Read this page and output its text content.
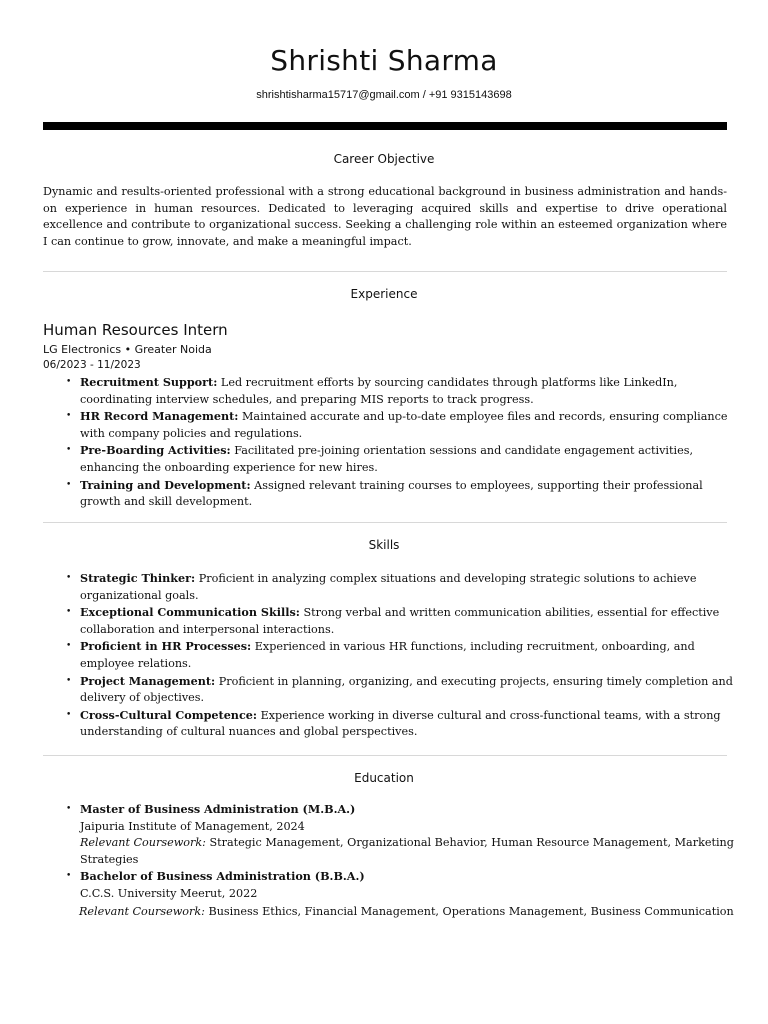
Shrishti Sharma
shrishtisharma15717@gmail.com / +91 9315143698
Career Objective
Dynamic and results-oriented professional with a strong educational background in business administration and hands-on experience in human resources. Dedicated to leveraging acquired skills and expertise to drive operational excellence and contribute to organizational success. Seeking a challenging role within an esteemed organization where I can continue to grow, innovate, and make a meaningful impact.
Experience
Human Resources Intern
LG Electronics • Greater Noida
06/2023 - 11/2023
• Recruitment Support: Led recruitment efforts by sourcing candidates through platforms like LinkedIn,
coordinating interview schedules, and preparing MIS reports to track progress.
• HR Record Management: Maintained accurate and up-to-date employee files and records, ensuring compliance
with company policies and regulations.
• Pre-Boarding Activities: Facilitated pre-joining orientation sessions and candidate engagement activities,
enhancing the onboarding experience for new hires.
• Training and Development: Assigned relevant training courses to employees, supporting their professional
growth and skill development.
Skills
• Strategic Thinker: Proficient in analyzing complex situations and developing strategic solutions to achieve
organizational goals.
• Exceptional Communication Skills: Strong verbal and written communication abilities, essential for effective
collaboration and interpersonal interactions.
• Proficient in HR Processes: Experienced in various HR functions, including recruitment, onboarding, and
employee relations.
• Project Management: Proficient in planning, organizing, and executing projects, ensuring timely completion and
delivery of objectives.
• Cross-Cultural Competence: Experience working in diverse cultural and cross-functional teams, with a strong
understanding of cultural nuances and global perspectives.
Education
• Master of Business Administration (M.B.A.)
Jaipuria Institute of Management, 2024
Relevant Coursework: Strategic Management, Organizational Behavior, Human Resource Management, Marketing
Strategies
• Bachelor of Business Administration (B.B.A.)
C.C.S. University Meerut, 2022
Relevant Coursework: Business Ethics, Financial Management, Operations Management, Business Communication
